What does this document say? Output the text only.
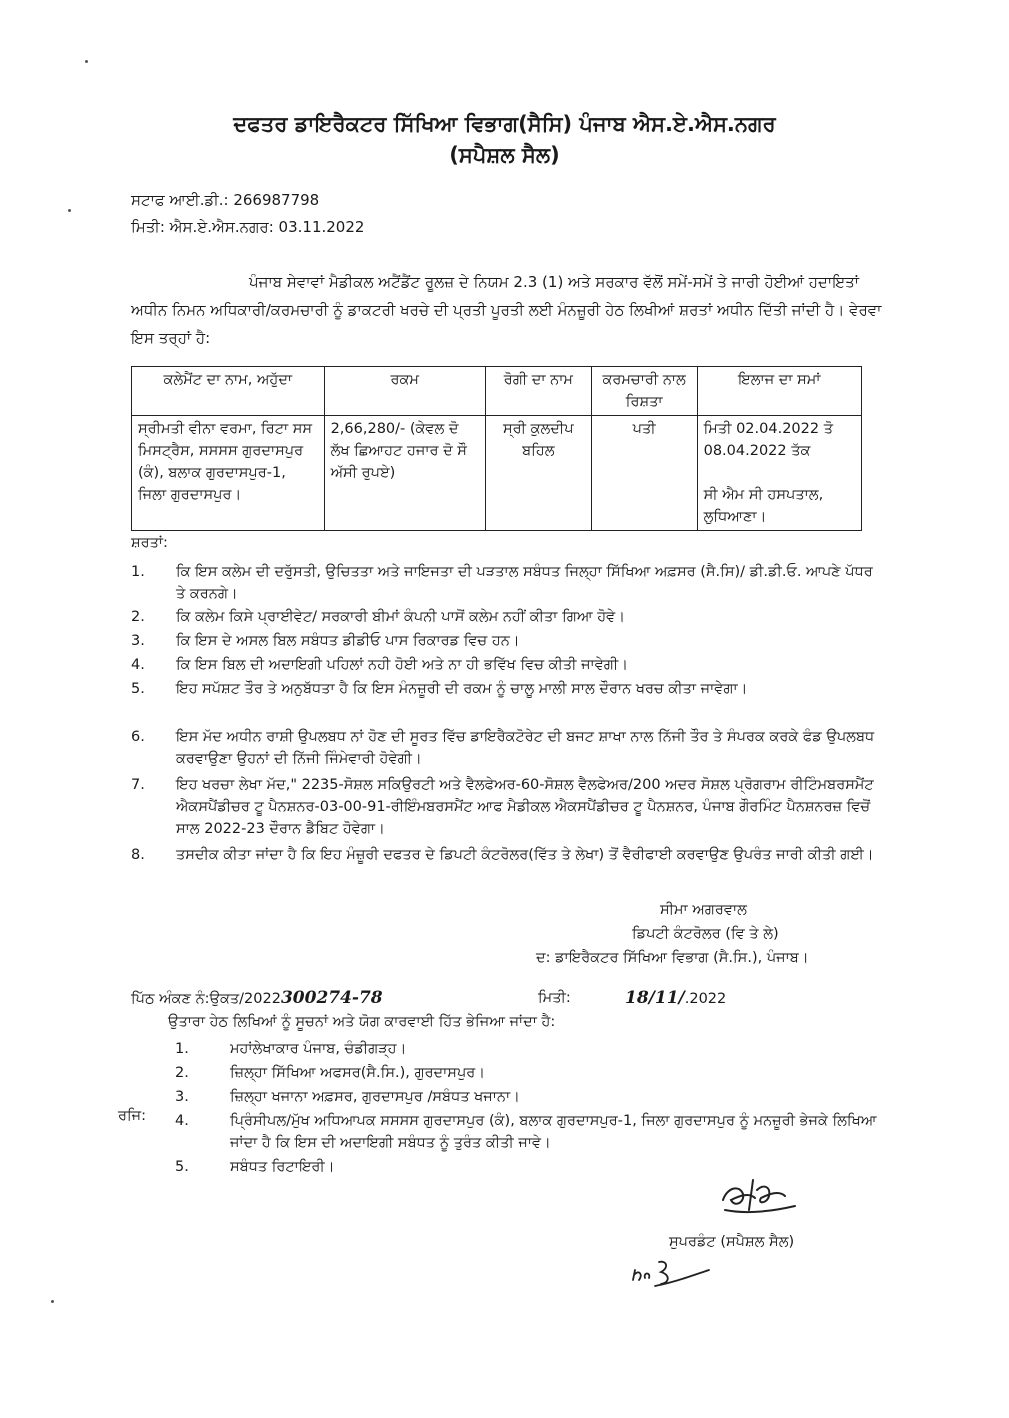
ਦਫਤਰ ਡਾਇਰੈਕਟਰ ਸਿੱਖਿਆ ਵਿਭਾਗ(ਸੈਸਿ) ਪੰਜਾਬ ਐਸ.ਏ.ਐਸ.ਨਗਰ
(ਸਪੈਸ਼ਲ ਸੈਲ)
ਸਟਾਫ ਆਈ.ਡੀ.: 266987798
ਮਿਤੀ: ਐਸ.ਏ.ਐਸ.ਨਗਰ: 03.11.2022
ਪੰਜਾਬ ਸੇਵਾਵਾਂ ਮੈਡੀਕਲ ਅਟੈਂਡੈਂਟ ਰੂਲਜ਼ ਦੇ ਨਿਯਮ 2.3 (1) ਅਤੇ ਸਰਕਾਰ ਵੱਲੋਂ ਸਮੇਂ-ਸਮੇਂ ਤੇ ਜਾਰੀ ਹੋਈਆਂ ਹਦਾਇਤਾਂ ਅਧੀਨ ਨਿਮਨ ਅਧਿਕਾਰੀ/ਕਰਮਚਾਰੀ ਨੂੰ ਡਾਕਟਰੀ ਖਰਚੇ ਦੀ ਪ੍ਰਤੀ ਪੂਰਤੀ ਲਈ ਮੰਨਜ਼ੂਰੀ ਹੇਠ ਲਿਖੀਆਂ ਸ਼ਰਤਾਂ ਅਧੀਨ ਦਿੱਤੀ ਜਾਂਦੀ ਹੈ। ਵੇਰਵਾ ਇਸ ਤਰ੍ਹਾਂ ਹੈ:
ਕਲੇਮੈਂਟ ਦਾ ਨਾਮ, ਅਹੁੱਦਾ	ਰਕਮ	ਰੋਗੀ ਦਾ ਨਾਮ	ਕਰਮਚਾਰੀ ਨਾਲ ਰਿਸ਼ਤਾ	ਇਲਾਜ ਦਾ ਸਮਾਂ
ਸ੍ਰੀਮਤੀ ਵੀਨਾ ਵਰਮਾ, ਰਿਟਾ ਸਸ ਮਿਸਟ੍ਰੈਸ, ਸਸਸਸ ਗੁਰਦਾਸਪੁਰ (ਕੰ), ਬਲਾਕ ਗੁਰਦਾਸਪੁਰ-1, ਜਿਲਾ ਗੁਰਦਾਸਪੁਰ।	2,66,280/- (ਕੇਵਲ ਦੋ ਲੱਖ ਛਿਆਹਟ ਹਜਾਰ ਦੋ ਸੌ ਅੱਸੀ ਰੁਪਏ)	ਸ੍ਰੀ ਕੁਲਦੀਪ ਬਹਿਲ	ਪਤੀ	ਮਿਤੀ 02.04.2022 ਤੋ 08.04.2022 ਤੱਕ
ਸੀ ਐਮ ਸੀ ਹਸਪਤਾਲ, ਲੁਧਿਆਣਾ।
ਸ਼ਰਤਾਂ:
1.	ਕਿ ਇਸ ਕਲੇਮ ਦੀ ਦਰੁੱਸਤੀ, ਉਚਿਤਤਾ ਅਤੇ ਜਾਇਜਤਾ ਦੀ ਪੜਤਾਲ ਸਬੰਧਤ ਜਿਲ੍ਹਾ ਸਿੱਖਿਆ ਅਫ਼ਸਰ (ਸੈ.ਸਿ)/ ਡੀ.ਡੀ.ਓ. ਆਪਣੇ ਪੱਧਰ ਤੇ ਕਰਨਗੇ।
2.	ਕਿ ਕਲੇਮ ਕਿਸੇ ਪ੍ਰਾਈਵੇਟ/ ਸਰਕਾਰੀ ਬੀਮਾਂ ਕੰਪਨੀ ਪਾਸੋਂ ਕਲੇਮ ਨਹੀਂ ਕੀਤਾ ਗਿਆ ਹੋਵੇ।
3.	ਕਿ ਇਸ ਦੇ ਅਸਲ ਬਿਲ ਸਬੰਧਤ ਡੀਡੀਓ ਪਾਸ ਰਿਕਾਰਡ ਵਿਚ ਹਨ।
4.	ਕਿ ਇਸ ਬਿਲ ਦੀ ਅਦਾਇਗੀ ਪਹਿਲਾਂ ਨਹੀ ਹੋਈ ਅਤੇ ਨਾ ਹੀ ਭਵਿੱਖ ਵਿਚ ਕੀਤੀ ਜਾਵੇਗੀ।
5.	ਇਹ ਸਪੱਸ਼ਟ ਤੌਰ ਤੇ ਅਨੁਬੱਧਤਾ ਹੈ ਕਿ ਇਸ ਮੰਨਜ਼ੂਰੀ ਦੀ ਰਕਮ ਨੂੰ ਚਾਲੂ ਮਾਲੀ ਸਾਲ ਦੌਰਾਨ ਖਰਚ ਕੀਤਾ ਜਾਵੇਗਾ।
6.	ਇਸ ਮੱਦ ਅਧੀਨ ਰਾਸ਼ੀ ਉਪਲਬਧ ਨਾਂ ਹੋਣ ਦੀ ਸੂਰਤ ਵਿੱਚ ਡਾਇਰੈਕਟੋਰੇਟ ਦੀ ਬਜਟ ਸ਼ਾਖਾ ਨਾਲ ਨਿੱਜੀ ਤੌਰ ਤੇ ਸੰਪਰਕ ਕਰਕੇ ਫੰਡ ਉਪਲਬਧ ਕਰਵਾਉਣਾ ਉਹਨਾਂ ਦੀ ਨਿੱਜੀ ਜਿੰਮੇਵਾਰੀ ਹੋਵੇਗੀ।
7.	ਇਹ ਖਰਚਾ ਲੇਖਾ ਮੱਦ," 2235-ਸੋਸ਼ਲ ਸਕਿਉਰਟੀ ਅਤੇ ਵੈਲਫੇਅਰ-60-ਸੋਸ਼ਲ ਵੈਲਫੇਅਰ/200 ਅਦਰ ਸੋਸ਼ਲ ਪ੍ਰੋਗਰਾਮ ਰੀਟਿੰਮਬਰਸਮੈਂਟ ਐਕਸਪੈਂਡੀਚਰ ਟੂ ਪੈਨਸ਼ਨਰ-03-00-91-ਰੀਇੰਮਬਰਸਮੈਂਟ ਆਫ ਮੈਡੀਕਲ ਐਕਸਪੈਂਡੀਚਰ ਟੂ ਪੈਨਸ਼ਨਰ, ਪੰਜਾਬ ਗੌਰਮਿੰਟ ਪੈਨਸ਼ਨਰਜ਼ ਵਿਚੋਂ ਸਾਲ 2022-23 ਦੌਰਾਨ ਡੈਬਿਟ ਹੋਵੇਗਾ।
8.	ਤਸਦੀਕ ਕੀਤਾ ਜਾਂਦਾ ਹੈ ਕਿ ਇਹ ਮੰਜ਼ੂਰੀ ਦਫਤਰ ਦੇ ਡਿਪਟੀ ਕੰਟਰੋਲਰ(ਵਿੱਤ ਤੇ ਲੇਖਾ) ਤੋਂ ਵੈਰੀਫਾਈ ਕਰਵਾਉਣ ਉਪਰੰਤ ਜਾਰੀ ਕੀਤੀ ਗਈ।
ਸੀਮਾ ਅਗਰਵਾਲ
ਡਿਪਟੀ ਕੰਟਰੋਲਰ (ਵਿ ਤੇ ਲੇ)
ਦ: ਡਾਇਰੈਕਟਰ ਸਿੱਖਿਆ ਵਿਭਾਗ (ਸੈ.ਸਿ.), ਪੰਜਾਬ।
ਪਿੱਠ ਅੰਕਣ ਨੰ:ਉਕਤ/2022300274-78	ਮਿਤੀ:	18/11/.2022
ਉਤਾਰਾ ਹੇਠ ਲਿਖਿਆਂ ਨੂੰ ਸੂਚਨਾਂ ਅਤੇ ਯੋਗ ਕਾਰਵਾਈ ਹਿੱਤ ਭੇਜਿਆ ਜਾਂਦਾ ਹੈ:
ਰਜਿ:
1.	ਮਹਾਂਲੇਖਾਕਾਰ ਪੰਜਾਬ, ਚੰਡੀਗੜ੍ਹ।
2.	ਜ਼ਿਲ੍ਹਾ ਸਿੱਖਿਆ ਅਫਸਰ(ਸੈ.ਸਿ.), ਗੁਰਦਾਸਪੁਰ।
3.	ਜ਼ਿਲ੍ਹਾ ਖਜਾਨਾ ਅਫ਼ਸਰ, ਗੁਰਦਾਸਪੁਰ /ਸਬੰਧਤ ਖਜਾਨਾ।
4.	ਪ੍ਰਿੰਸੀਪਲ/ਮੁੱਖ ਅਧਿਆਪਕ ਸਸਸਸ ਗੁਰਦਾਸਪੁਰ (ਕੰ), ਬਲਾਕ ਗੁਰਦਾਸਪੁਰ-1, ਜਿਲਾ ਗੁਰਦਾਸਪੁਰ ਨੂੰ ਮਨਜ਼ੂਰੀ ਭੇਜਕੇ ਲਿਖਿਆ ਜਾਂਦਾ ਹੈ ਕਿ ਇਸ ਦੀ ਅਦਾਇਗੀ ਸਬੰਧਤ ਨੂੰ ਤੁਰੰਤ ਕੀਤੀ ਜਾਵੇ।
5.	ਸਬੰਧਤ ਰਿਟਾਇਰੀ।
ਸੁਪਰਡੰਟ (ਸਪੈਸ਼ਲ ਸੈਲ)
